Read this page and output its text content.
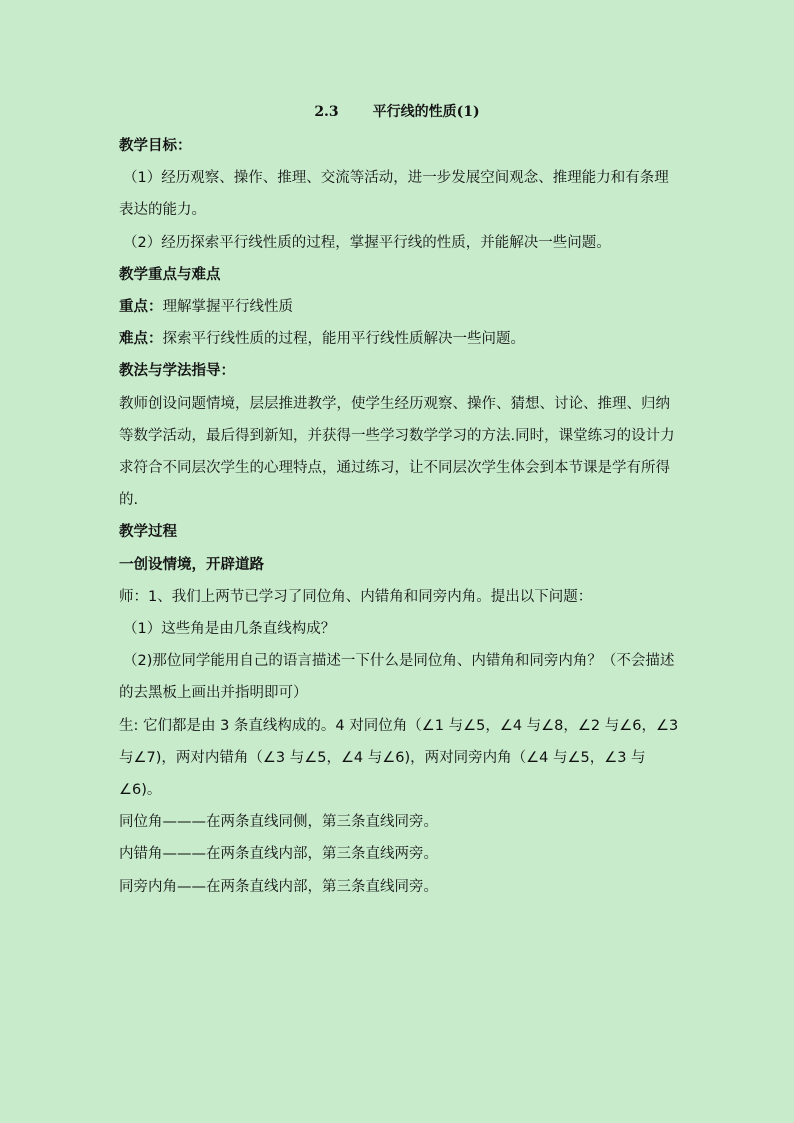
2.3 平行线的性质(1)

教学目标：

（1）经历观察、操作、推理、交流等活动，进一步发展空间观念、推理能力和有条理表达的能力。

（2）经历探索平行线性质的过程，掌握平行线的性质，并能解决一些问题。

教学重点与难点

重点：理解掌握平行线性质

难点：探索平行线性质的过程，能用平行线性质解决一些问题。

教法与学法指导：

教师创设问题情境，层层推进教学，使学生经历观察、操作、猜想、讨论、推理、归纳等数学活动，最后得到新知，并获得一些学习数学学习的方法.同时，课堂练习的设计力求符合不同层次学生的心理特点，通过练习，让不同层次学生体会到本节课是学有所得的.

教学过程

一创设情境，开辟道路

师：1、我们上两节已学习了同位角、内错角和同旁内角。提出以下问题：

（1）这些角是由几条直线构成？

（2)那位同学能用自己的语言描述一下什么是同位角、内错角和同旁内角？（不会描述的去黑板上画出并指明即可）

生: 它们都是由 3 条直线构成的。4 对同位角（∠1 与∠5，∠4 与∠8，∠2 与∠6，∠3 与∠7)，两对内错角（∠3 与∠5，∠4 与∠6)，两对同旁内角（∠4 与∠5，∠3 与∠6)。

同位角———在两条直线同侧，第三条直线同旁。

内错角———在两条直线内部，第三条直线两旁。

同旁内角——在两条直线内部，第三条直线同旁。
